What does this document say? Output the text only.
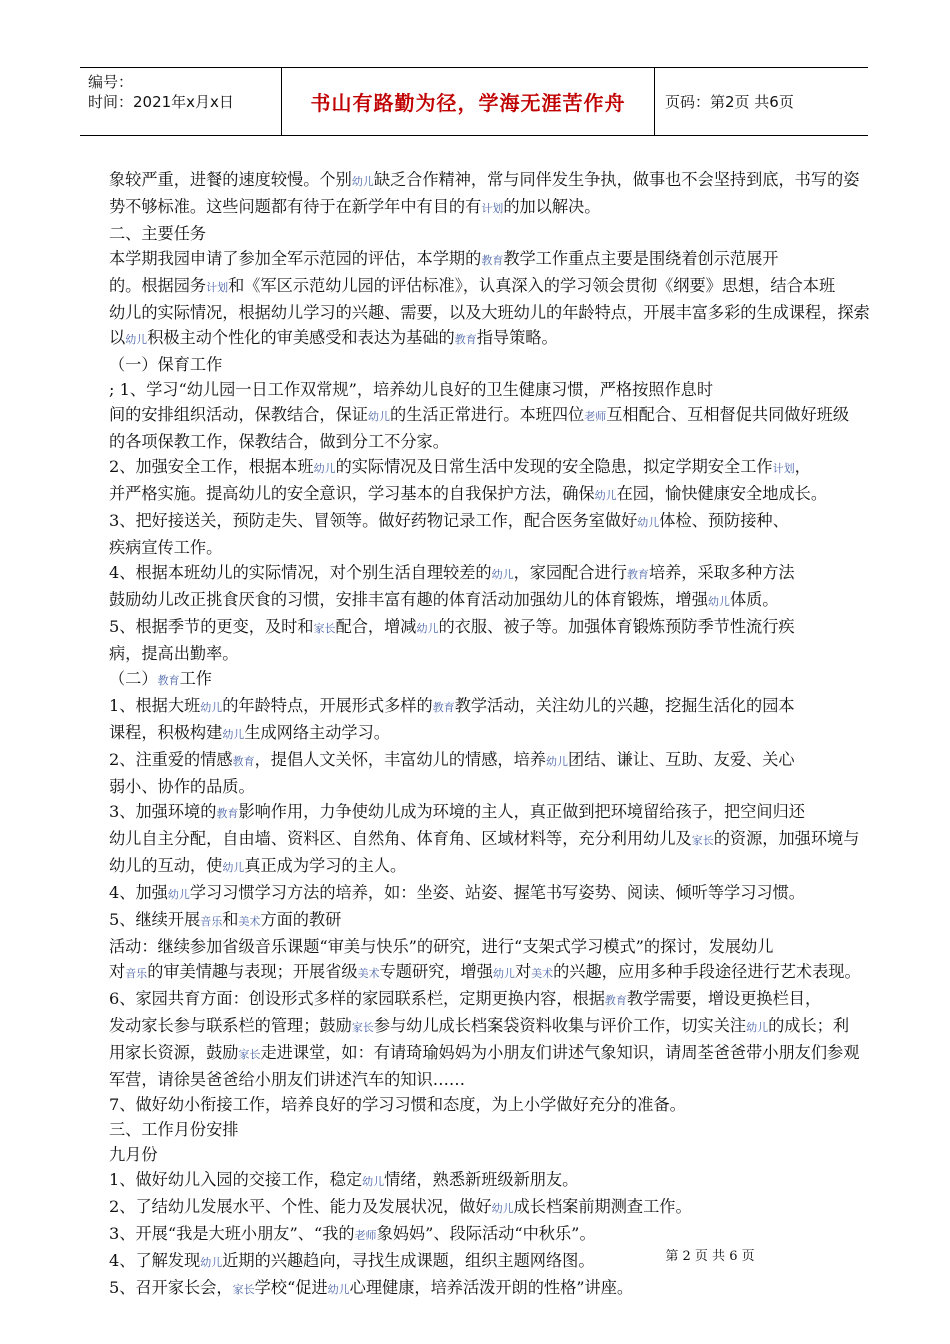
编号：
时间：2021年x月x日	书山有路勤为径，学海无涯苦作舟	页码：第2页 共6页
象较严重，进餐的速度较慢。个别幼儿缺乏合作精神，常与同伴发生争执，做事也不会坚持到底，书写的姿
势不够标准。这些问题都有待于在新学年中有目的有计划的加以解决。
二、主要任务
本学期我园申请了参加全军示范园的评估，本学期的教育教学工作重点主要是围绕着创示范展开
的。根据园务计划和《军区示范幼儿园的评估标准》，认真深入的学习领会贯彻《纲要》思想，结合本班
幼儿的实际情况，根据幼儿学习的兴趣、需要，以及大班幼儿的年龄特点，开展丰富多彩的生成课程，探索
以幼儿积极主动个性化的审美感受和表达为基础的教育指导策略。
（一）保育工作
; 1、学习“幼儿园一日工作双常规”，培养幼儿良好的卫生健康习惯，严格按照作息时
间的安排组织活动，保教结合，保证幼儿的生活正常进行。本班四位老师互相配合、互相督促共同做好班级
的各项保教工作，保教结合，做到分工不分家。
2、加强安全工作，根据本班幼儿的实际情况及日常生活中发现的安全隐患，拟定学期安全工作计划，
并严格实施。提高幼儿的安全意识，学习基本的自我保护方法，确保幼儿在园，愉快健康安全地成长。
3、把好接送关，预防走失、冒领等。做好药物记录工作，配合医务室做好幼儿体检、预防接种、
疾病宣传工作。
4、根据本班幼儿的实际情况，对个别生活自理较差的幼儿，家园配合进行教育培养，采取多种方法
鼓励幼儿改正挑食厌食的习惯，安排丰富有趣的体育活动加强幼儿的体育锻炼，增强幼儿体质。
5、根据季节的更变，及时和家长配合，增减幼儿的衣服、被子等。加强体育锻炼预防季节性流行疾
病，提高出勤率。
（二）教育工作
1、根据大班幼儿的年龄特点，开展形式多样的教育教学活动，关注幼儿的兴趣，挖掘生活化的园本
课程，积极构建幼儿生成网络主动学习。
2、注重爱的情感教育，提倡人文关怀，丰富幼儿的情感，培养幼儿团结、谦让、互助、友爱、关心
弱小、协作的品质。
3、加强环境的教育影响作用，力争使幼儿成为环境的主人，真正做到把环境留给孩子，把空间归还
幼儿自主分配，自由墙、资料区、自然角、体育角、区域材料等，充分利用幼儿及家长的资源，加强环境与
幼儿的互动，使幼儿真正成为学习的主人。
4、加强幼儿学习习惯学习方法的培养，如：坐姿、站姿、握笔书写姿势、阅读、倾听等学习习惯。
5、继续开展音乐和美术方面的教研
活动：继续参加省级音乐课题“审美与快乐”的研究，进行“支架式学习模式”的探讨，发展幼儿
对音乐的审美情趣与表现；开展省级美术专题研究，增强幼儿对美术的兴趣，应用多种手段途径进行艺术表现。
6、家园共育方面：创设形式多样的家园联系栏，定期更换内容，根据教育教学需要，增设更换栏目，
发动家长参与联系栏的管理；鼓励家长参与幼儿成长档案袋资料收集与评价工作，切实关注幼儿的成长；利
用家长资源，鼓励家长走进课堂，如：有请琦瑜妈妈为小朋友们讲述气象知识，请周荃爸爸带小朋友们参观
军营，请徐昊爸爸给小朋友们讲述汽车的知识……
7、做好幼小衔接工作，培养良好的学习习惯和态度，为上小学做好充分的准备。
三、工作月份安排
九月份
1、做好幼儿入园的交接工作，稳定幼儿情绪，熟悉新班级新朋友。
2、了结幼儿发展水平、个性、能力及发展状况，做好幼儿成长档案前期测查工作。
3、开展“我是大班小朋友”、“我的老师象妈妈”、段际活动“中秋乐”。
4、了解发现幼儿近期的兴趣趋向，寻找生成课题，组织主题网络图。
5、召开家长会，家长学校“促进幼儿心理健康，培养活泼开朗的性格”讲座。
第 2 页 共 6 页
